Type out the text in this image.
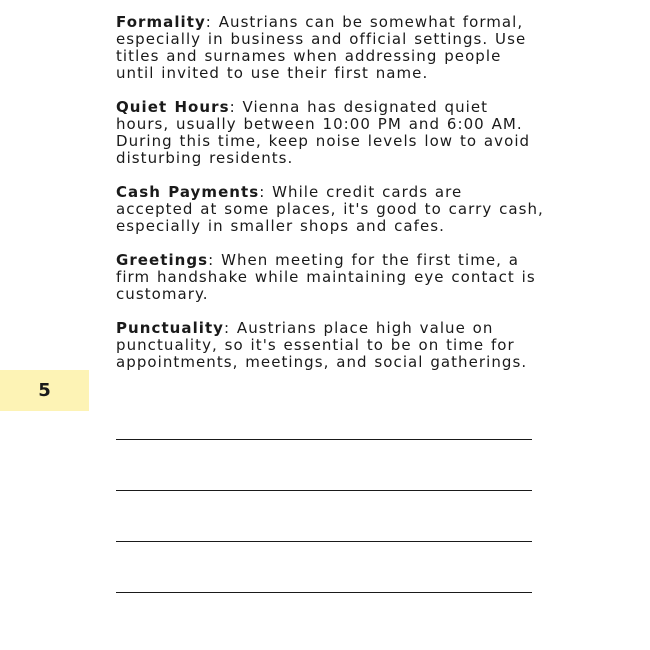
Formality: Austrians can be somewhat formal, especially in business and official settings. Use titles and surnames when addressing people until invited to use their first name.

Quiet Hours: Vienna has designated quiet hours, usually between 10:00 PM and 6:00 AM. During this time, keep noise levels low to avoid disturbing residents.

Cash Payments: While credit cards are accepted at some places, it's good to carry cash, especially in smaller shops and cafes.

Greetings: When meeting for the first time, a firm handshake while maintaining eye contact is customary.

Punctuality: Austrians place high value on punctuality, so it's essential to be on time for appointments, meetings, and social gatherings.

5
